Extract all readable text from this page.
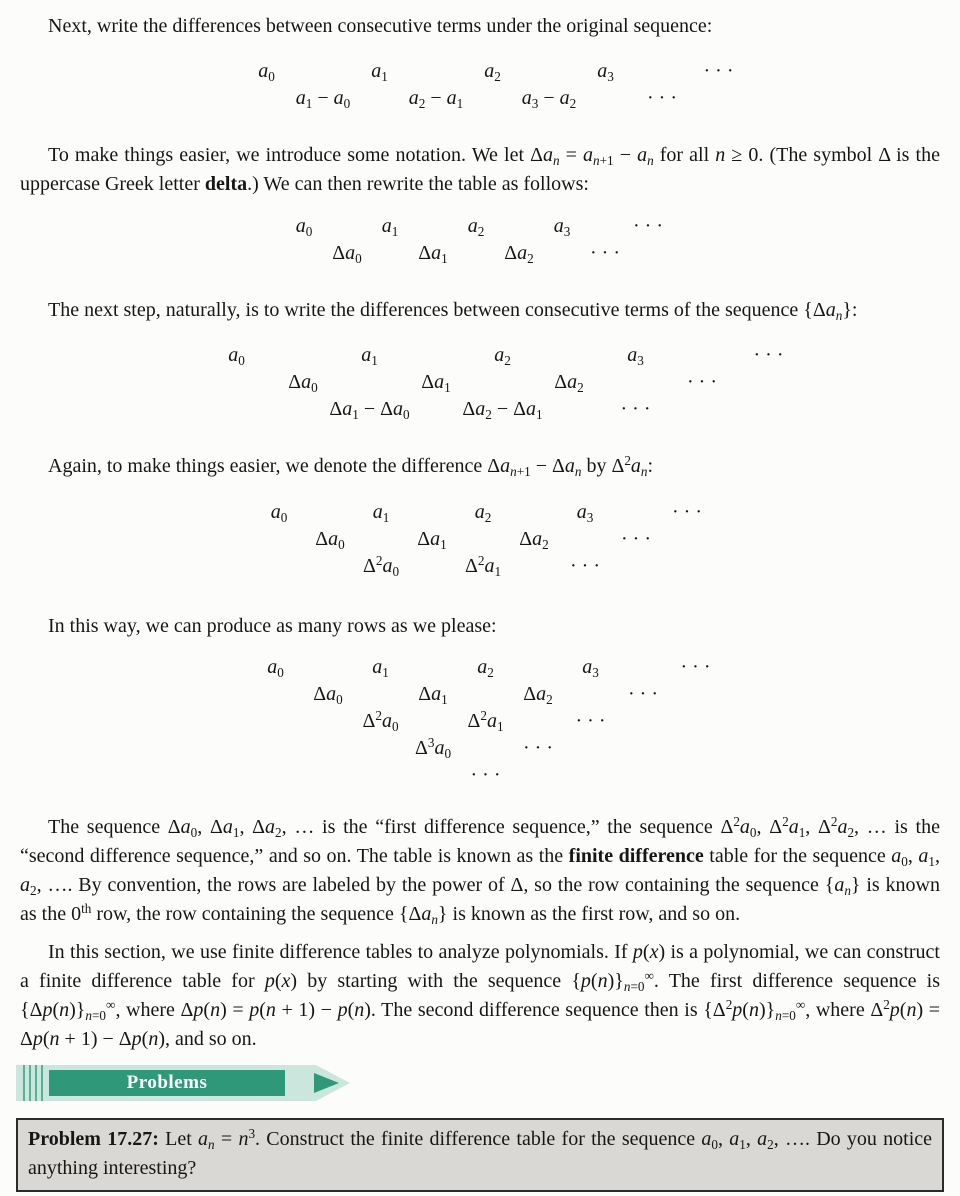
Next, write the differences between consecutive terms under the original sequence:

$a_0$	$a_1$	$a_2$	$a_3$	· · ·
$a_1 - a_0$	$a_2 - a_1$	$a_3 - a_2$	· · ·

To make things easier, we introduce some notation. We let $\Delta a_n = a_{n+1} - a_n$ for all n ≥ 0. (The symbol Δ is the uppercase Greek letter delta.) We can then rewrite the table as follows:

$a_0$	$a_1$	$a_2$	$a_3$	· · ·
$\Delta a_0$	$\Delta a_1$	$\Delta a_2$	· · ·

The next step, naturally, is to write the differences between consecutive terms of the sequence $\{\Delta a_n\}$:

$a_0$	$a_1$	$a_2$	$a_3$	· · ·
$\Delta a_0$	$\Delta a_1$	$\Delta a_2$	· · ·
$\Delta a_1 - \Delta a_0$	$\Delta a_2 - \Delta a_1$	· · ·

Again, to make things easier, we denote the difference $\Delta a_{n+1} - \Delta a_n$ by $\Delta^2a_n$:

$a_0$	$a_1$	$a_2$	$a_3$	· · ·
$\Delta a_0$	$\Delta a_1$	$\Delta a_2$	· · ·
$\Delta^2a_0$	$\Delta^2a_1$	· · ·

In this way, we can produce as many rows as we please:

$a_0$	$a_1$	$a_2$	$a_3$	· · ·
$\Delta a_0$	$\Delta a_1$	$\Delta a_2$	· · ·
$\Delta^2a_0$	$\Delta^2a_1$	· · ·
$\Delta^3a_0$	· · ·
· · ·

The sequence $\Delta a_0$, $\Delta a_1$, $\Delta a_2$, … is the “first difference sequence,” the sequence $\Delta^2a_0$, $\Delta^2a_1$, $\Delta^2a_2$, … is the “second difference sequence,” and so on. The table is known as the finite difference table for the sequence $a_0$, $a_1$, $a_2$, …. By convention, the rows are labeled by the power of Δ, so the row containing the sequence $\{a_n\}$ is known as the 0th row, the row containing the sequence $\{\Delta a_n\}$ is known as the first row, and so on.

In this section, we use finite difference tables to analyze polynomials. If p(x) is a polynomial, we can construct a finite difference table for p(x) by starting with the sequence $\{p(n)\}_{n=0}^\infty$. The first difference sequence is $\{\Delta p(n)\}_{n=0}^\infty$, where Δp(n) = p(n + 1) − p(n). The second difference sequence then is $\{\Delta^2p(n)\}_{n=0}^\infty$, where $\Delta^2p(n) = \Delta p(n + 1) - \Delta p(n)$, and so on.

Problems

Problem 17.27: Let $a_n = n^3$. Construct the finite difference table for the sequence $a_0$, $a_1$, $a_2$, …. Do you notice anything interesting?
